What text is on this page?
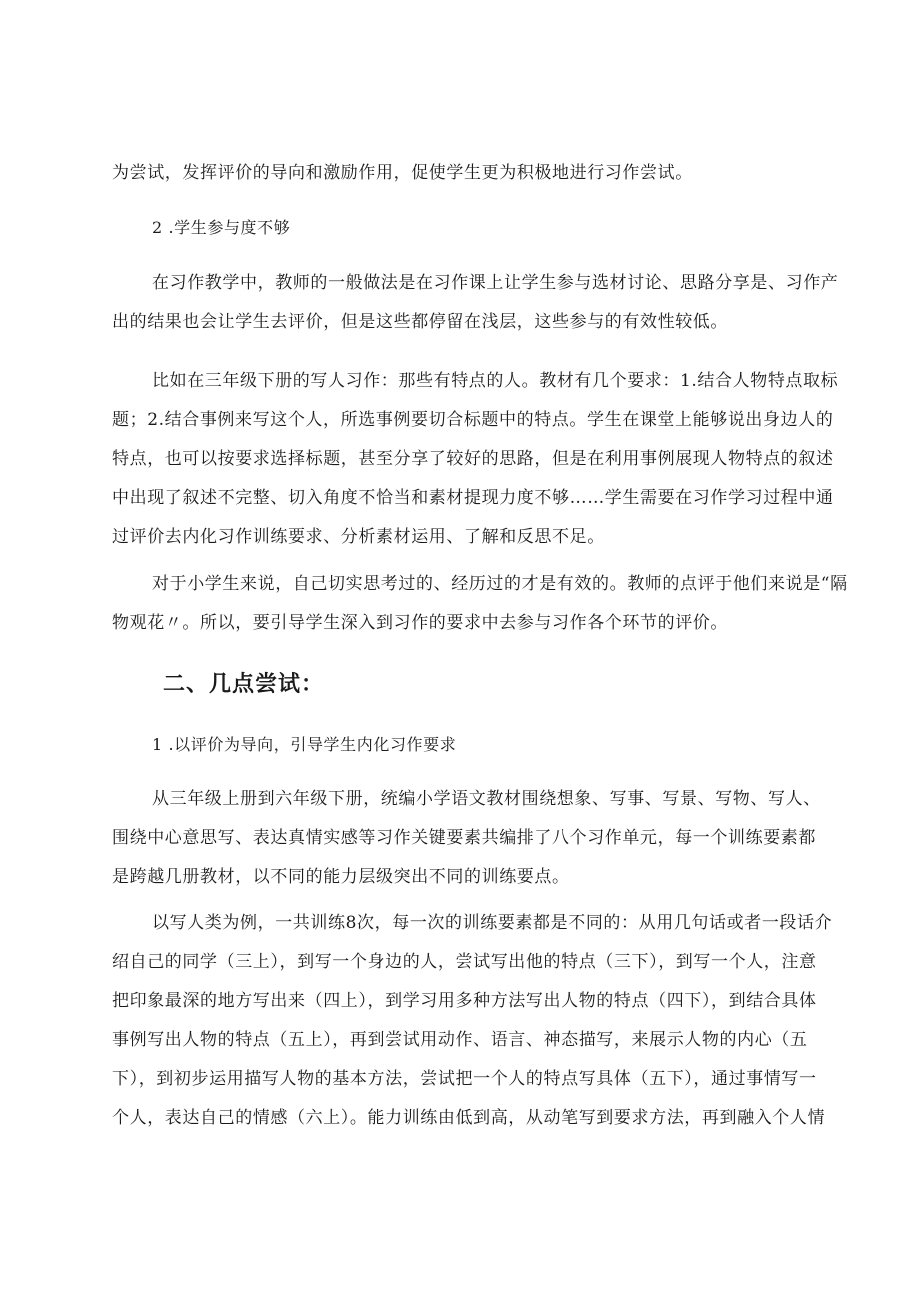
为尝试，发挥评价的导向和激励作用，促使学生更为积极地进行习作尝试。

2 .学生参与度不够

在习作教学中，教师的一般做法是在习作课上让学生参与选材讨论、思路分享是、习作产
出的结果也会让学生去评价，但是这些都停留在浅层，这些参与的有效性较低。

比如在三年级下册的写人习作：那些有特点的人。教材有几个要求：1.结合人物特点取标
题；2.结合事例来写这个人，所选事例要切合标题中的特点。学生在课堂上能够说出身边人的
特点，也可以按要求选择标题，甚至分享了较好的思路，但是在利用事例展现人物特点的叙述
中出现了叙述不完整、切入角度不恰当和素材提现力度不够……学生需要在习作学习过程中通
过评价去内化习作训练要求、分析素材运用、了解和反思不足。

对于小学生来说，自己切实思考过的、经历过的才是有效的。教师的点评于他们来说是“隔
物观花〃。所以，要引导学生深入到习作的要求中去参与习作各个环节的评价。

二、几点尝试：

1 .以评价为导向，引导学生内化习作要求

从三年级上册到六年级下册，统编小学语文教材围绕想象、写事、写景、写物、写人、
围绕中心意思写、表达真情实感等习作关键要素共编排了八个习作单元，每一个训练要素都
是跨越几册教材，以不同的能力层级突出不同的训练要点。

以写人类为例，一共训练8次，每一次的训练要素都是不同的：从用几句话或者一段话介
绍自己的同学（三上），到写一个身边的人，尝试写出他的特点（三下），到写一个人，注意
把印象最深的地方写出来（四上），到学习用多种方法写出人物的特点（四下），到结合具体
事例写出人物的特点（五上），再到尝试用动作、语言、神态描写，来展示人物的内心（五
下），到初步运用描写人物的基本方法，尝试把一个人的特点写具体（五下），通过事情写一
个人，表达自己的情感（六上）。能力训练由低到高，从动笔写到要求方法，再到融入个人情
